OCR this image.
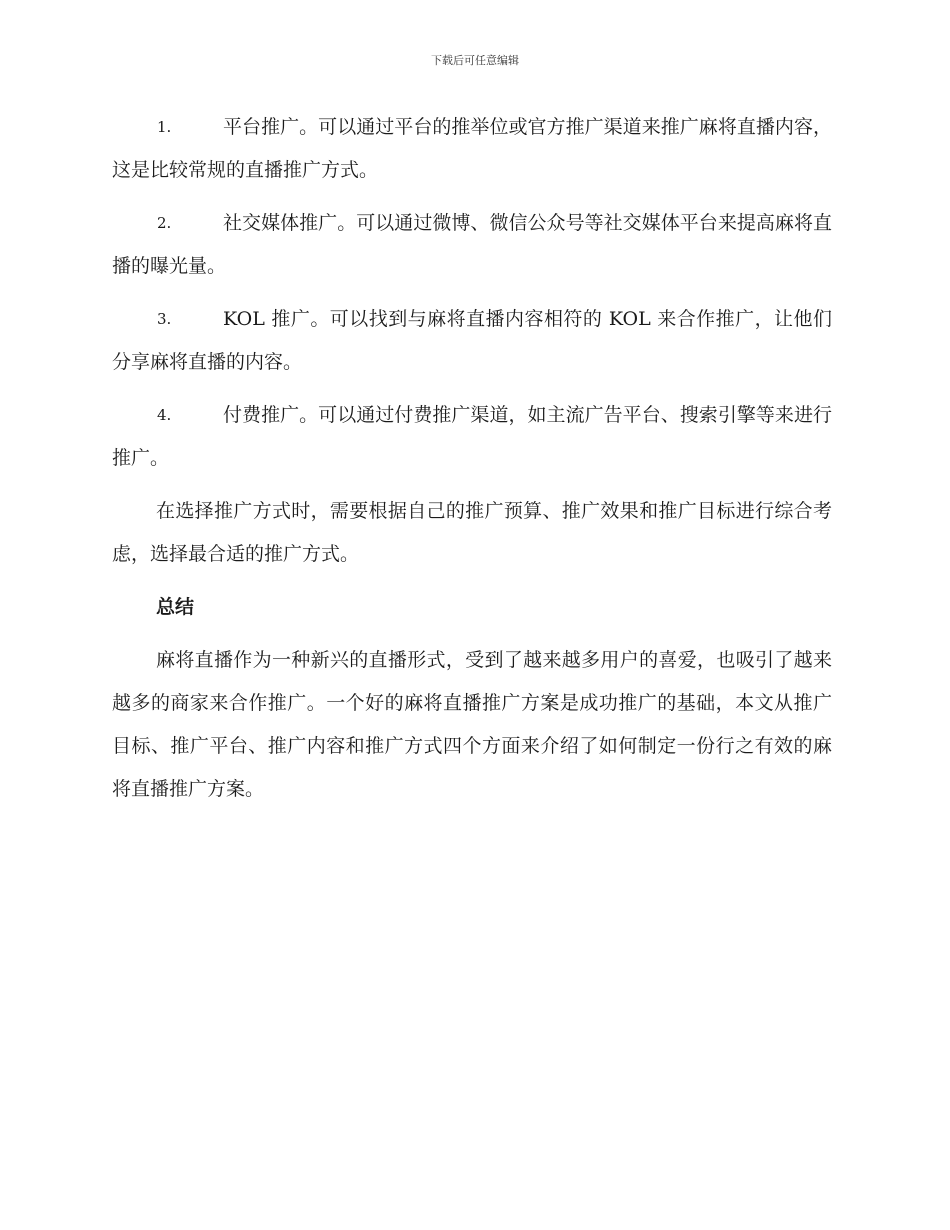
下载后可任意编辑

1.	平台推广。可以通过平台的推举位或官方推广渠道来推广麻将直播内容，这是比较常规的直播推广方式。

2.	社交媒体推广。可以通过微博、微信公众号等社交媒体平台来提高麻将直播的曝光量。

3.	KOL 推广。可以找到与麻将直播内容相符的 KOL 来合作推广，让他们分享麻将直播的内容。

4.	付费推广。可以通过付费推广渠道，如主流广告平台、搜索引擎等来进行推广。

在选择推广方式时，需要根据自己的推广预算、推广效果和推广目标进行综合考虑，选择最合适的推广方式。

总结

麻将直播作为一种新兴的直播形式，受到了越来越多用户的喜爱，也吸引了越来越多的商家来合作推广。一个好的麻将直播推广方案是成功推广的基础，本文从推广目标、推广平台、推广内容和推广方式四个方面来介绍了如何制定一份行之有效的麻将直播推广方案。
